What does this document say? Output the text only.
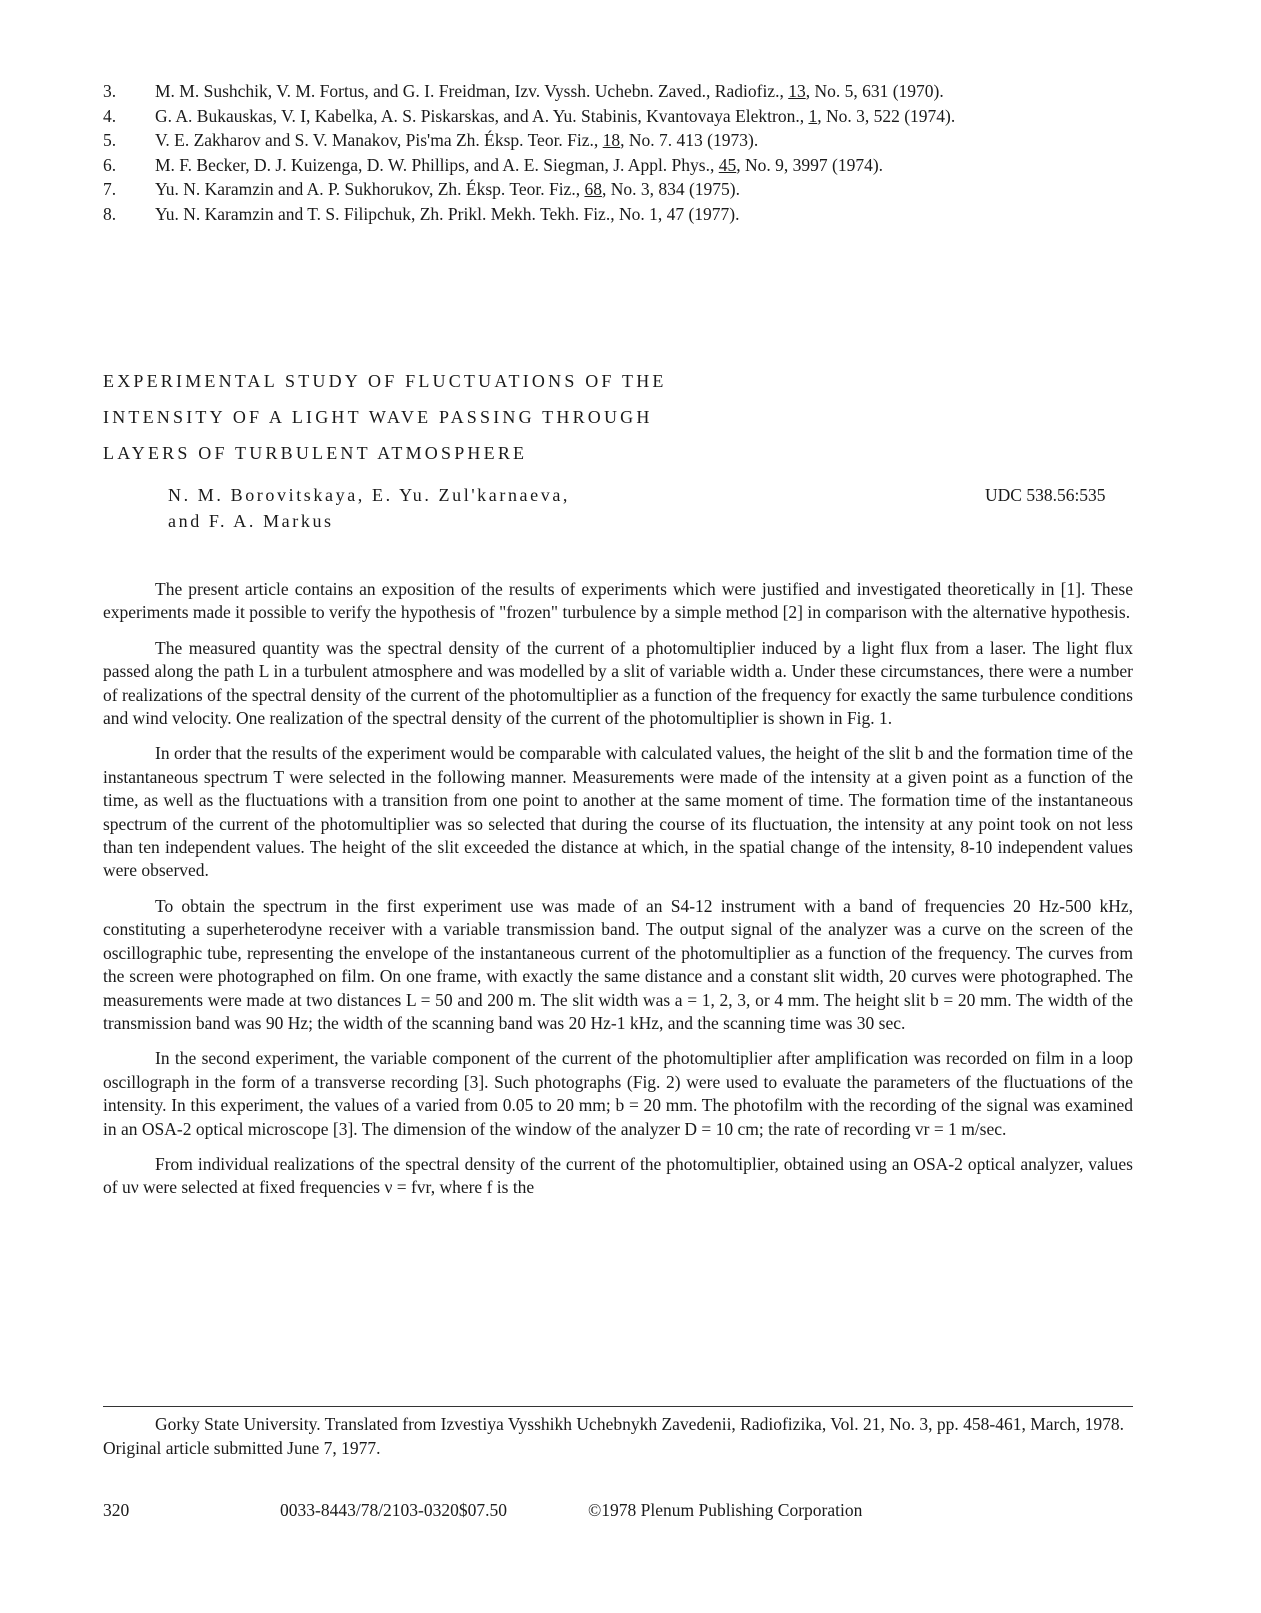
3.	M. M. Sushchik, V. M. Fortus, and G. I. Freidman, Izv. Vyssh. Uchebn. Zaved., Radiofiz., 13, No. 5, 631 (1970).
4.	G. A. Bukauskas, V. I, Kabelka, A. S. Piskarskas, and A. Yu. Stabinis, Kvantovaya Elektron., 1, No. 3, 522 (1974).
5.	V. E. Zakharov and S. V. Manakov, Pis'ma Zh. Éksp. Teor. Fiz., 18, No. 7. 413 (1973).
6.	M. F. Becker, D. J. Kuizenga, D. W. Phillips, and A. E. Siegman, J. Appl. Phys., 45, No. 9, 3997 (1974).
7.	Yu. N. Karamzin and A. P. Sukhorukov, Zh. Éksp. Teor. Fiz., 68, No. 3, 834 (1975).
8.	Yu. N. Karamzin and T. S. Filipchuk, Zh. Prikl. Mekh. Tekh. Fiz., No. 1, 47 (1977).
EXPERIMENTAL STUDY OF FLUCTUATIONS OF THE
INTENSITY OF A LIGHT WAVE PASSING THROUGH
LAYERS OF TURBULENT ATMOSPHERE
N. M. Borovitskaya, E. Yu. Zul'karnaeva,
and F. A. Markus
UDC 538.56:535

The present article contains an exposition of the results of experiments which were justified and investigated theoretically in [1]. These experiments made it possible to verify the hypothesis of "frozen" turbulence by a simple method [2] in comparison with the alternative hypothesis.

The measured quantity was the spectral density of the current of a photomultiplier induced by a light flux from a laser. The light flux passed along the path L in a turbulent atmosphere and was modelled by a slit of variable width a. Under these circumstances, there were a number of realizations of the spectral density of the current of the photomultiplier as a function of the frequency for exactly the same turbulence conditions and wind velocity. One realization of the spectral density of the current of the photomultiplier is shown in Fig. 1.

In order that the results of the experiment would be comparable with calculated values, the height of the slit b and the formation time of the instantaneous spectrum T were selected in the following manner. Measurements were made of the intensity at a given point as a function of the time, as well as the fluctuations with a transition from one point to another at the same moment of time. The formation time of the instantaneous spectrum of the current of the photomultiplier was so selected that during the course of its fluctuation, the intensity at any point took on not less than ten independent values. The height of the slit exceeded the distance at which, in the spatial change of the intensity, 8-10 independent values were observed.

To obtain the spectrum in the first experiment use was made of an S4-12 instrument with a band of frequencies 20 Hz-500 kHz, constituting a superheterodyne receiver with a variable transmission band. The output signal of the analyzer was a curve on the screen of the oscillographic tube, representing the envelope of the instantaneous current of the photomultiplier as a function of the frequency. The curves from the screen were photographed on film. On one frame, with exactly the same distance and a constant slit width, 20 curves were photographed. The measurements were made at two distances L = 50 and 200 m. The slit width was a = 1, 2, 3, or 4 mm. The height slit b = 20 mm. The width of the transmission band was 90 Hz; the width of the scanning band was 20 Hz-1 kHz, and the scanning time was 30 sec.

In the second experiment, the variable component of the current of the photomultiplier after amplification was recorded on film in a loop oscillograph in the form of a transverse recording [3]. Such photographs (Fig. 2) were used to evaluate the parameters of the fluctuations of the intensity. In this experiment, the values of a varied from 0.05 to 20 mm; b = 20 mm. The photofilm with the recording of the signal was examined in an OSA-2 optical microscope [3]. The dimension of the window of the analyzer D = 10 cm; the rate of recording vr = 1 m/sec.

From individual realizations of the spectral density of the current of the photomultiplier, obtained using an OSA-2 optical analyzer, values of uν were selected at fixed frequencies ν = fvr, where f is the

Gorky State University. Translated from Izvestiya Vysshikh Uchebnykh Zavedenii, Radiofizika, Vol. 21, No. 3, pp. 458-461, March, 1978. Original article submitted June 7, 1977.
320	0033-8443/78/2103-0320$07.50	©1978 Plenum Publishing Corporation
